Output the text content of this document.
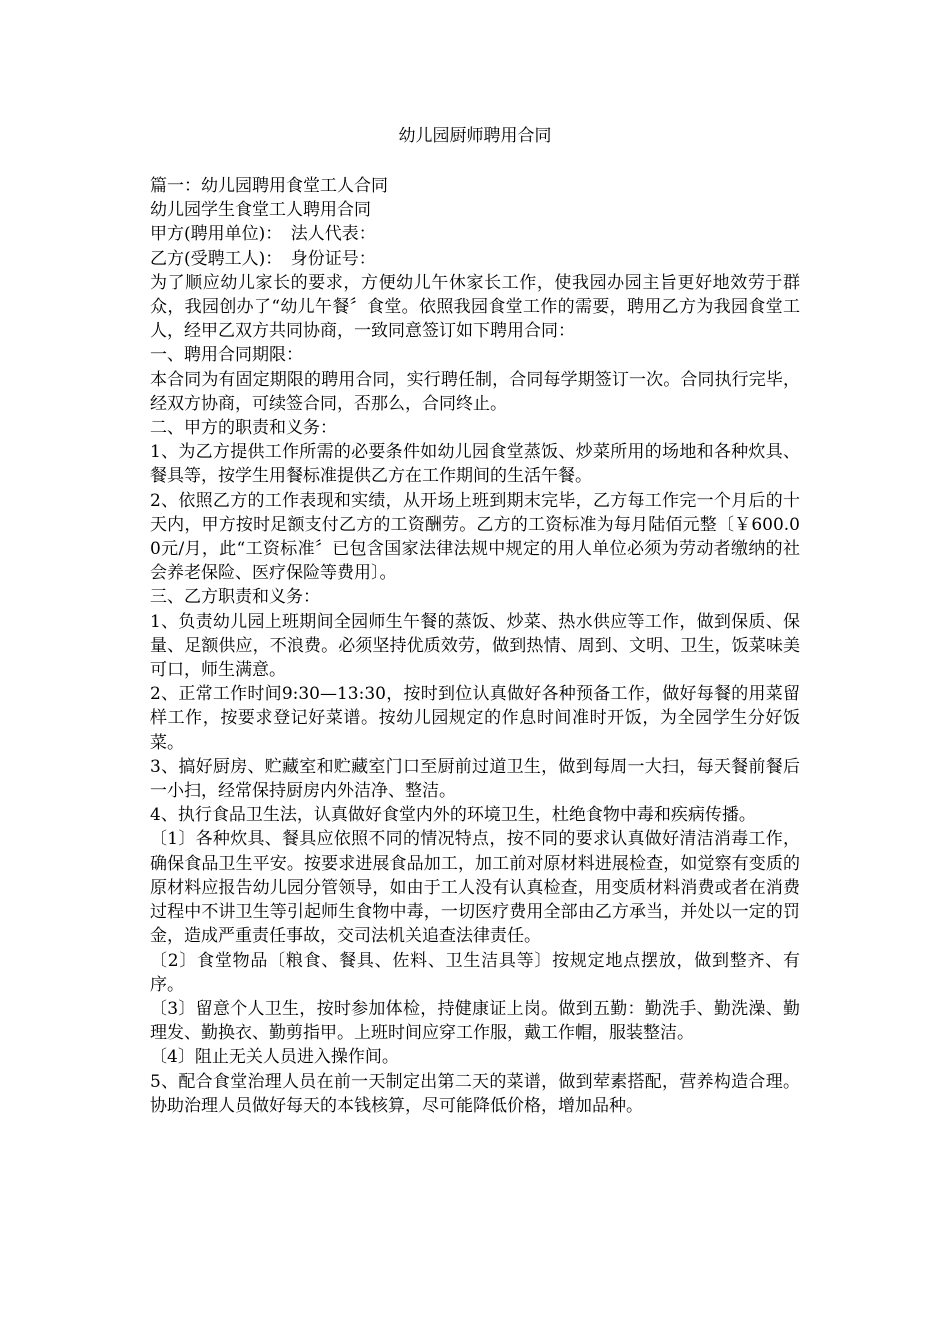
幼儿园厨师聘用合同

篇一：幼儿园聘用食堂工人合同

幼儿园学生食堂工人聘用合同

甲方(聘用单位)：　法人代表：

乙方(受聘工人)：　身份证号：

为了顺应幼儿家长的要求，方便幼儿午休家长工作，使我园办园主旨更好地效劳于群众，我园创办了“幼儿午餐〞食堂。依照我园食堂工作的需要，聘用乙方为我园食堂工人，经甲乙双方共同协商，一致同意签订如下聘用合同：

一、聘用合同期限：

本合同为有固定期限的聘用合同，实行聘任制，合同每学期签订一次。合同执行完毕，经双方协商，可续签合同，否那么，合同终止。

二、甲方的职责和义务：

1、为乙方提供工作所需的必要条件如幼儿园食堂蒸饭、炒菜所用的场地和各种炊具、餐具等，按学生用餐标准提供乙方在工作期间的生活午餐。

2、依照乙方的工作表现和实绩，从开场上班到期末完毕，乙方每工作完一个月后的十天内，甲方按时足额支付乙方的工资酬劳。乙方的工资标准为每月陆佰元整〔￥600.00元/月，此“工资标准〞已包含国家法律法规中规定的用人单位必须为劳动者缴纳的社会养老保险、医疗保险等费用〕。

三、乙方职责和义务：

1、负责幼儿园上班期间全园师生午餐的蒸饭、炒菜、热水供应等工作，做到保质、保量、足额供应，不浪费。必须坚持优质效劳，做到热情、周到、文明、卫生，饭菜味美可口，师生满意。

2、正常工作时间9:30—13:30，按时到位认真做好各种预备工作，做好每餐的用菜留样工作，按要求登记好菜谱。按幼儿园规定的作息时间准时开饭，为全园学生分好饭菜。

3、搞好厨房、贮藏室和贮藏室门口至厨前过道卫生，做到每周一大扫，每天餐前餐后一小扫，经常保持厨房内外洁净、整洁。

4、执行食品卫生法，认真做好食堂内外的环境卫生，杜绝食物中毒和疾病传播。

〔1〕各种炊具、餐具应依照不同的情况特点，按不同的要求认真做好清洁消毒工作，确保食品卫生平安。按要求进展食品加工，加工前对原材料进展检查，如觉察有变质的原材料应报告幼儿园分管领导，如由于工人没有认真检查，用变质材料消费或者在消费过程中不讲卫生等引起师生食物中毒，一切医疗费用全部由乙方承当，并处以一定的罚金，造成严重责任事故，交司法机关追查法律责任。

〔2〕食堂物品〔粮食、餐具、佐料、卫生洁具等〕按规定地点摆放，做到整齐、有序。

〔3〕留意个人卫生，按时参加体检，持健康证上岗。做到五勤：勤洗手、勤洗澡、勤理发、勤换衣、勤剪指甲。上班时间应穿工作服，戴工作帽，服装整洁。

〔4〕阻止无关人员进入操作间。

5、配合食堂治理人员在前一天制定出第二天的菜谱，做到荤素搭配，营养构造合理。协助治理人员做好每天的本钱核算，尽可能降低价格，增加品种。
